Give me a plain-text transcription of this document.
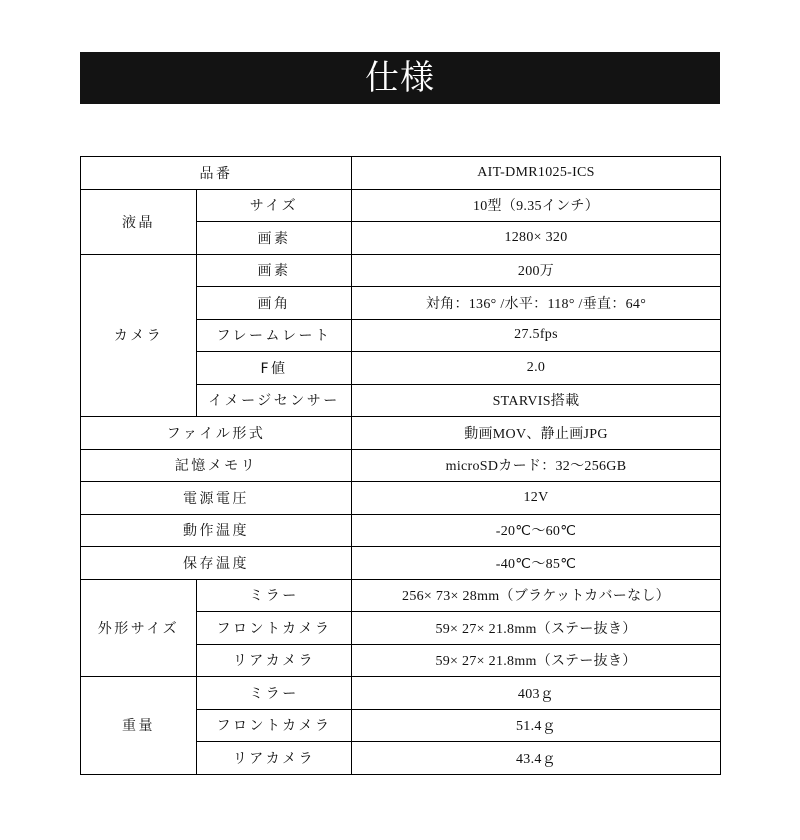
仕様
品番		AIT-DMR1025-ICS
液晶	サイズ	10型（9.35インチ）
	画素	1280× 320
カメラ	画素	200万
	画角	対角：136° /水平：118° /垂直：64°
	フレームレート	27.5fps
	F値	2.0
	イメージセンサー	STARVIS搭載
ファイル形式		動画MOV、静止画JPG
記憶メモリ		microSDカード：32～256GB
電源電圧		12V
動作温度		-20℃～60℃
保存温度		-40℃～85℃
外形サイズ	ミラー	256× 73× 28mm（ブラケットカバーなし）
	フロントカメラ	59× 27× 21.8mm（ステー抜き）
	リアカメラ	59× 27× 21.8mm（ステー抜き）
重量	ミラー	403ｇ
	フロントカメラ	51.4ｇ
	リアカメラ	43.4ｇ
